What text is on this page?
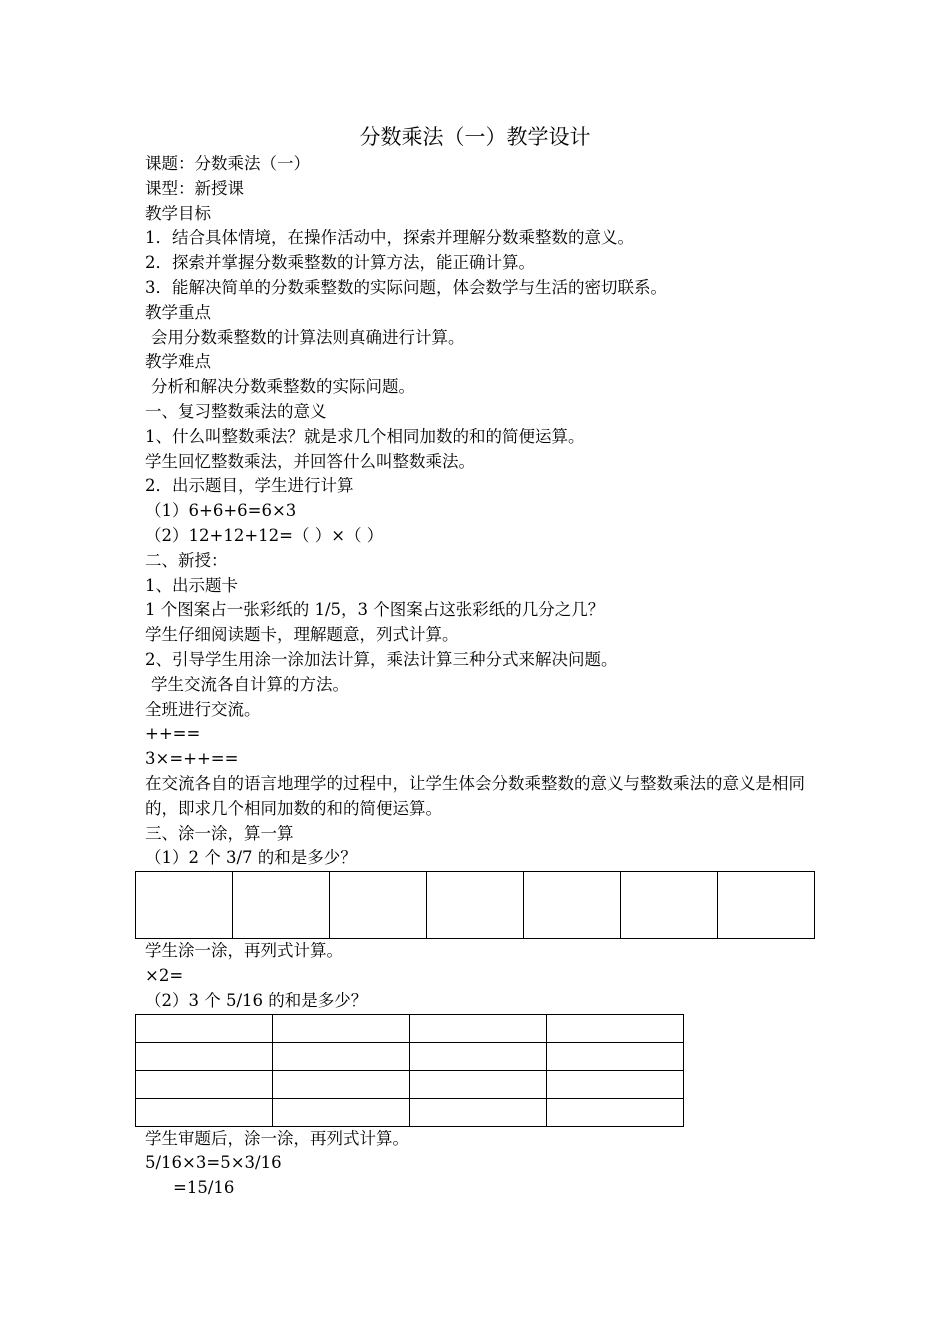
分数乘法（一）教学设计
课题：分数乘法（一）
课型：新授课
教学目标
1．结合具体情境，在操作活动中，探索并理解分数乘整数的意义。
2．探索并掌握分数乘整数的计算方法，能正确计算。
3．能解决简单的分数乘整数的实际问题，体会数学与生活的密切联系。
教学重点
会用分数乘整数的计算法则真确进行计算。
教学难点
分析和解决分数乘整数的实际问题。
一、复习整数乘法的意义
1、什么叫整数乘法？就是求几个相同加数的和的简便运算。
学生回忆整数乘法，并回答什么叫整数乘法。
2．出示题目，学生进行计算
（1）6+6+6=6×3
（2）12+12+12=（ ）×（ ）
二、新授：
1、出示题卡
1 个图案占一张彩纸的 1/5，3 个图案占这张彩纸的几分之几？
学生仔细阅读题卡，理解题意，列式计算。
2、引导学生用涂一涂加法计算，乘法计算三种分式来解决问题。
学生交流各自计算的方法。
全班进行交流。
++==
3×=++==
在交流各自的语言地理学的过程中，让学生体会分数乘整数的意义与整数乘法的意义是相同的，即求几个相同加数的和的简便运算。
三、涂一涂，算一算
（1）2 个 3/7 的和是多少？

学生涂一涂，再列式计算。
×2=
（2）3 个 5/16 的和是多少？

学生审题后，涂一涂，再列式计算。
5/16×3=5×3/16
=15/16
